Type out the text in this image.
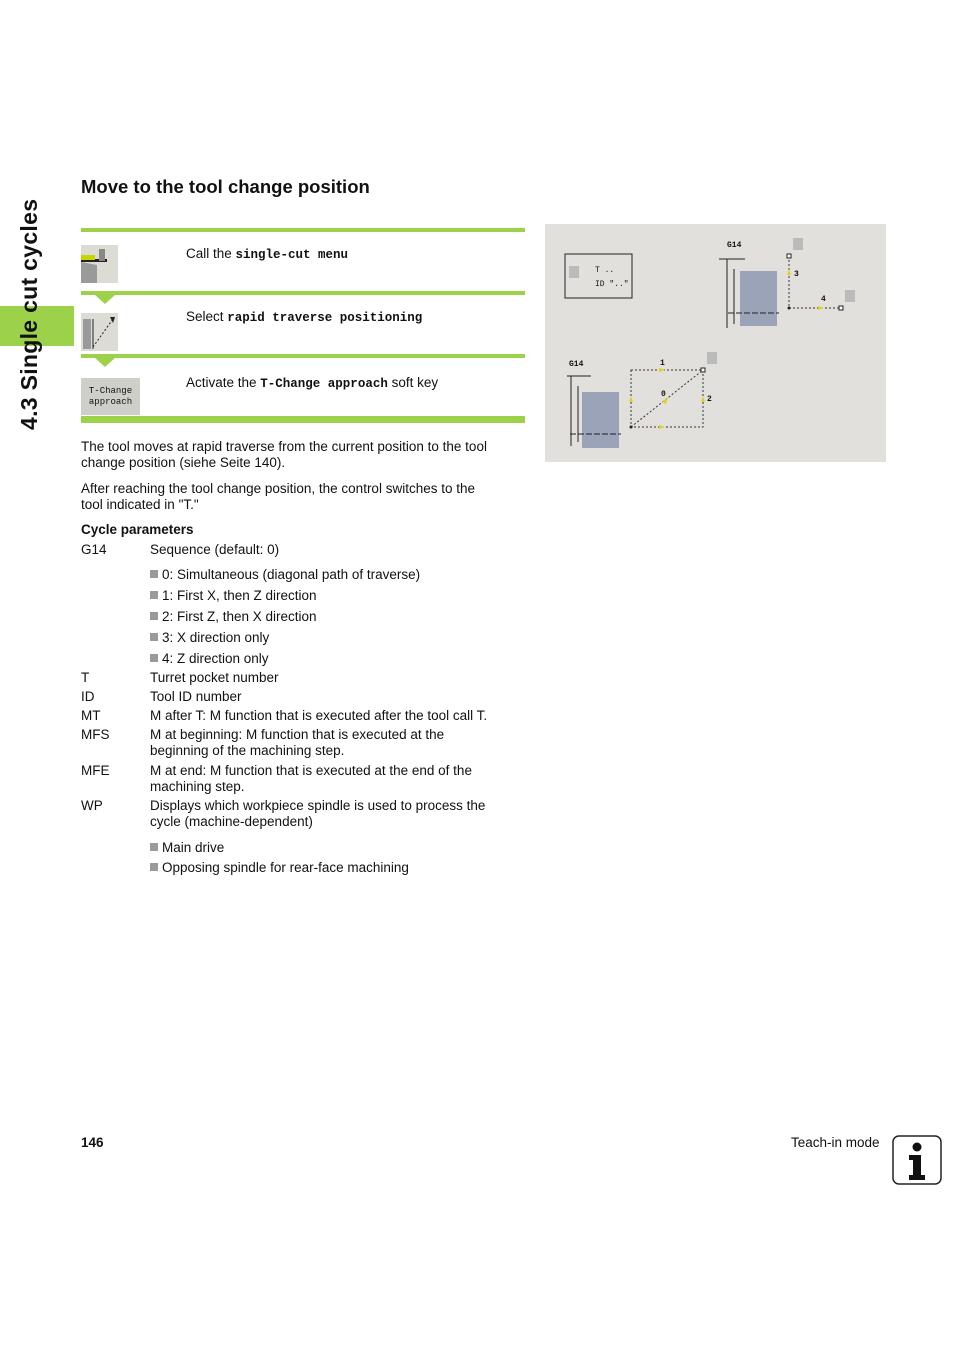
4.3 Single cut cycles
Move to the tool change position
Call the single-cut menu
Select rapid traverse positioning
T-Change
approach
Activate the T-Change approach soft key
The tool moves at rapid traverse from the current position to the tool
change position (siehe Seite 140).
After reaching the tool change position, the control switches to the
tool indicated in "T."
Cycle parameters
G14	Sequence (default: 0)
0: Simultaneous (diagonal path of traverse)
1: First X, then Z direction
2: First Z, then X direction
3: X direction only
4: Z direction only
T	Turret pocket number
ID	Tool ID number
MT	M after T: M function that is executed after the tool call T.
MFS	M at beginning: M function that is executed at the
beginning of the machining step.
MFE	M at end: M function that is executed at the end of the
machining step.
WP	Displays which workpiece spindle is used to process the
cycle (machine-dependent)
Main drive
Opposing spindle for rear-face machining
T ..
ID ".."
G14
3
4
G14	1
2
0
146	Teach-in mode
